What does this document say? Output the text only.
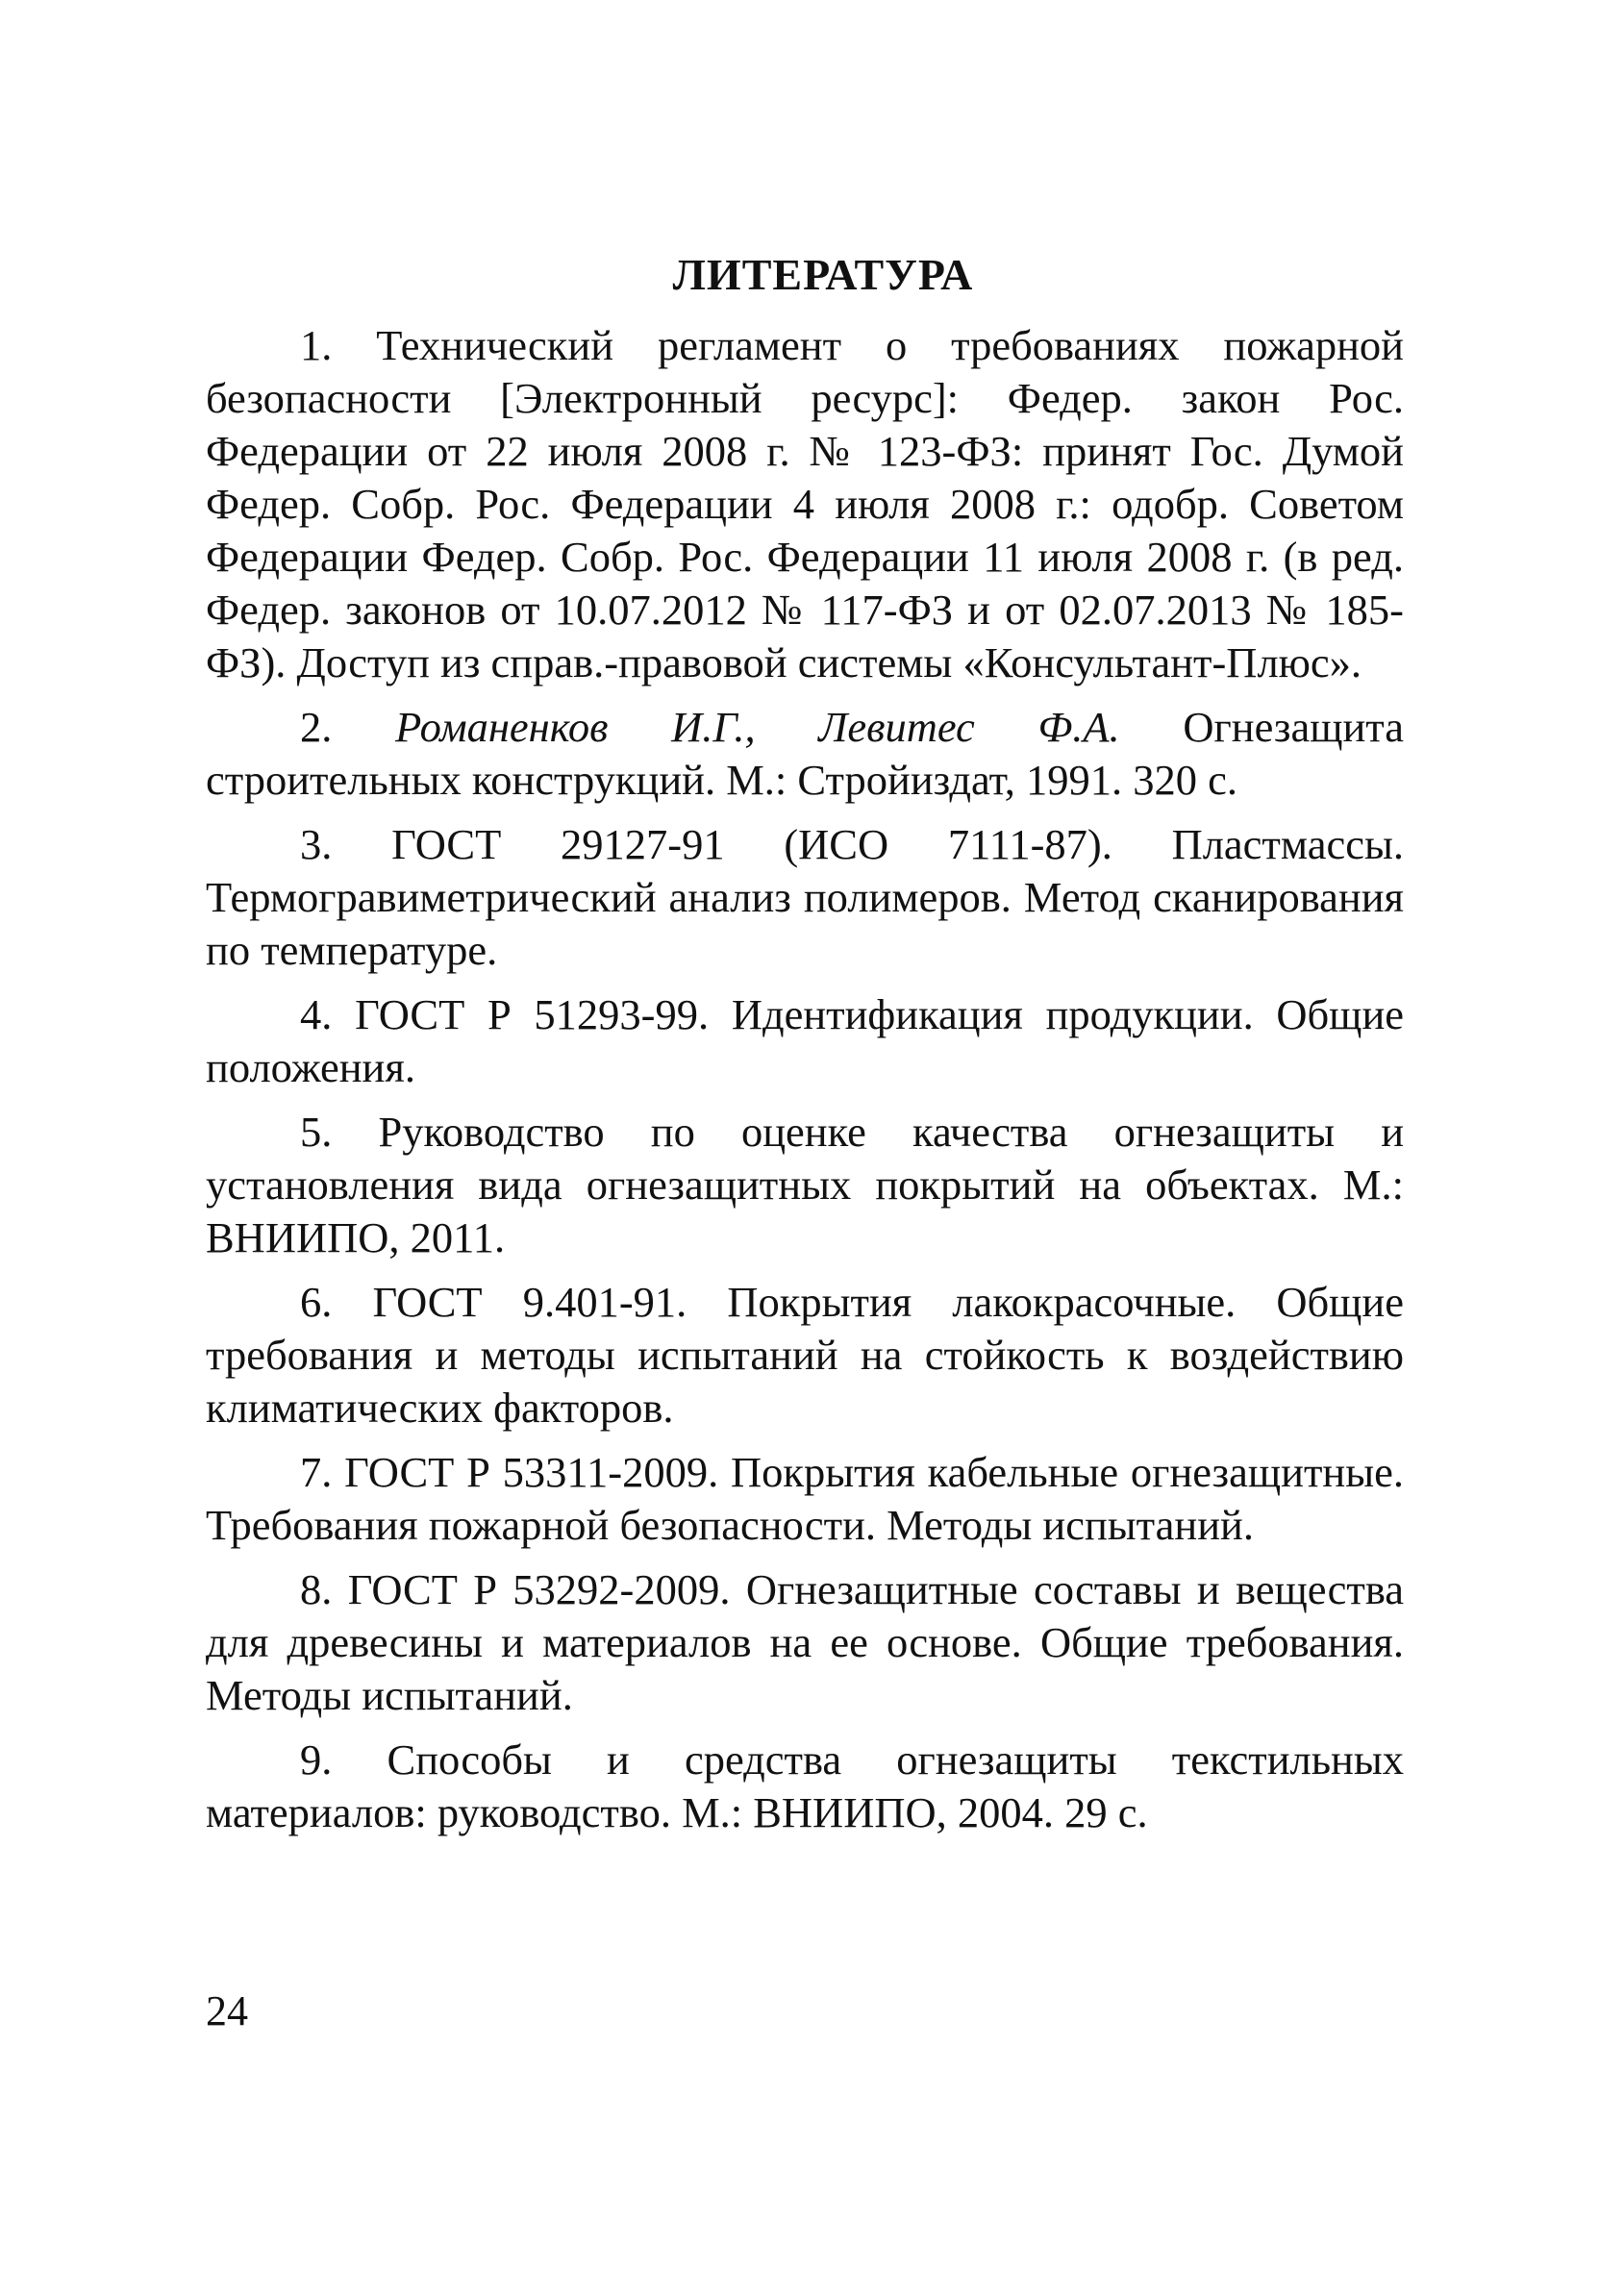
ЛИТЕРАТУРА
1. Технический регламент о требованиях пожарной безопасности [Электронный ресурс]: Федер. закон Рос. Федерации от 22 июля 2008 г. № 123-ФЗ: принят Гос. Думой Федер. Собр. Рос. Федерации 4 июля 2008 г.: одобр. Советом Федерации Федер. Собр. Рос. Федерации 11 июля 2008 г. (в ред. Федер. законов от 10.07.2012 № 117-ФЗ и от 02.07.2013 № 185-ФЗ). Доступ из справ.-правовой системы «Консультант-Плюс».
2. Романенков И.Г., Левитес Ф.А. Огнезащита строительных конструкций. М.: Стройиздат, 1991. 320 с.
3. ГОСТ 29127-91 (ИСО 7111-87). Пластмассы. Термогравиметрический анализ полимеров. Метод сканирования по температуре.
4. ГОСТ Р 51293-99. Идентификация продукции. Общие положения.
5. Руководство по оценке качества огнезащиты и установления вида огнезащитных покрытий на объектах. М.: ВНИИПО, 2011.
6. ГОСТ 9.401-91. Покрытия лакокрасочные. Общие требования и методы испытаний на стойкость к воздействию климатических факторов.
7. ГОСТ Р 53311-2009. Покрытия кабельные огнезащитные. Требования пожарной безопасности. Методы испытаний.
8. ГОСТ Р 53292-2009. Огнезащитные составы и вещества для древесины и материалов на ее основе. Общие требования. Методы испытаний.
9. Способы и средства огнезащиты текстильных материалов: руководство. М.: ВНИИПО, 2004. 29 с.
24
